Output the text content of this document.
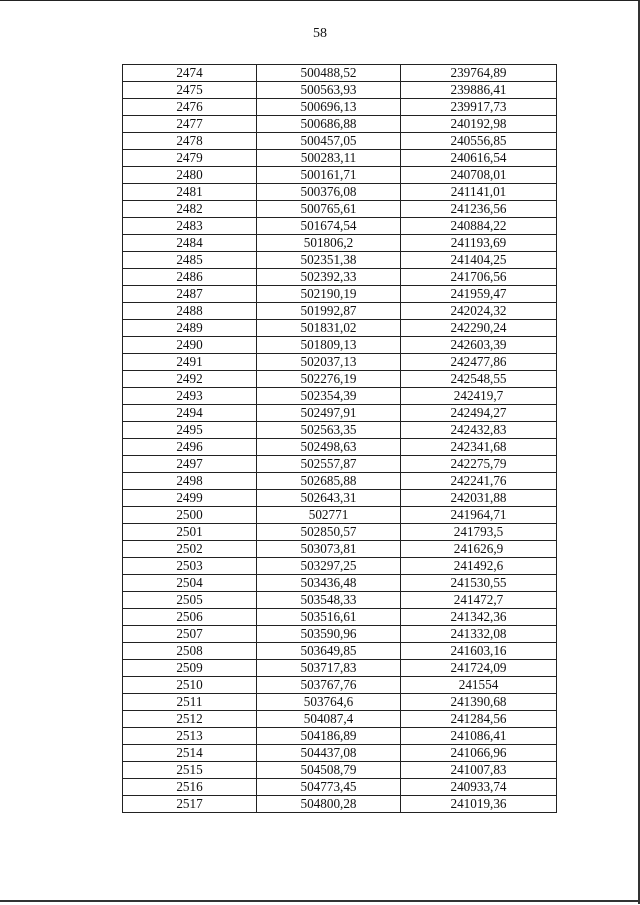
58
2474	500488,52	239764,89
2475	500563,93	239886,41
2476	500696,13	239917,73
2477	500686,88	240192,98
2478	500457,05	240556,85
2479	500283,11	240616,54
2480	500161,71	240708,01
2481	500376,08	241141,01
2482	500765,61	241236,56
2483	501674,54	240884,22
2484	501806,2	241193,69
2485	502351,38	241404,25
2486	502392,33	241706,56
2487	502190,19	241959,47
2488	501992,87	242024,32
2489	501831,02	242290,24
2490	501809,13	242603,39
2491	502037,13	242477,86
2492	502276,19	242548,55
2493	502354,39	242419,7
2494	502497,91	242494,27
2495	502563,35	242432,83
2496	502498,63	242341,68
2497	502557,87	242275,79
2498	502685,88	242241,76
2499	502643,31	242031,88
2500	502771	241964,71
2501	502850,57	241793,5
2502	503073,81	241626,9
2503	503297,25	241492,6
2504	503436,48	241530,55
2505	503548,33	241472,7
2506	503516,61	241342,36
2507	503590,96	241332,08
2508	503649,85	241603,16
2509	503717,83	241724,09
2510	503767,76	241554
2511	503764,6	241390,68
2512	504087,4	241284,56
2513	504186,89	241086,41
2514	504437,08	241066,96
2515	504508,79	241007,83
2516	504773,45	240933,74
2517	504800,28	241019,36
